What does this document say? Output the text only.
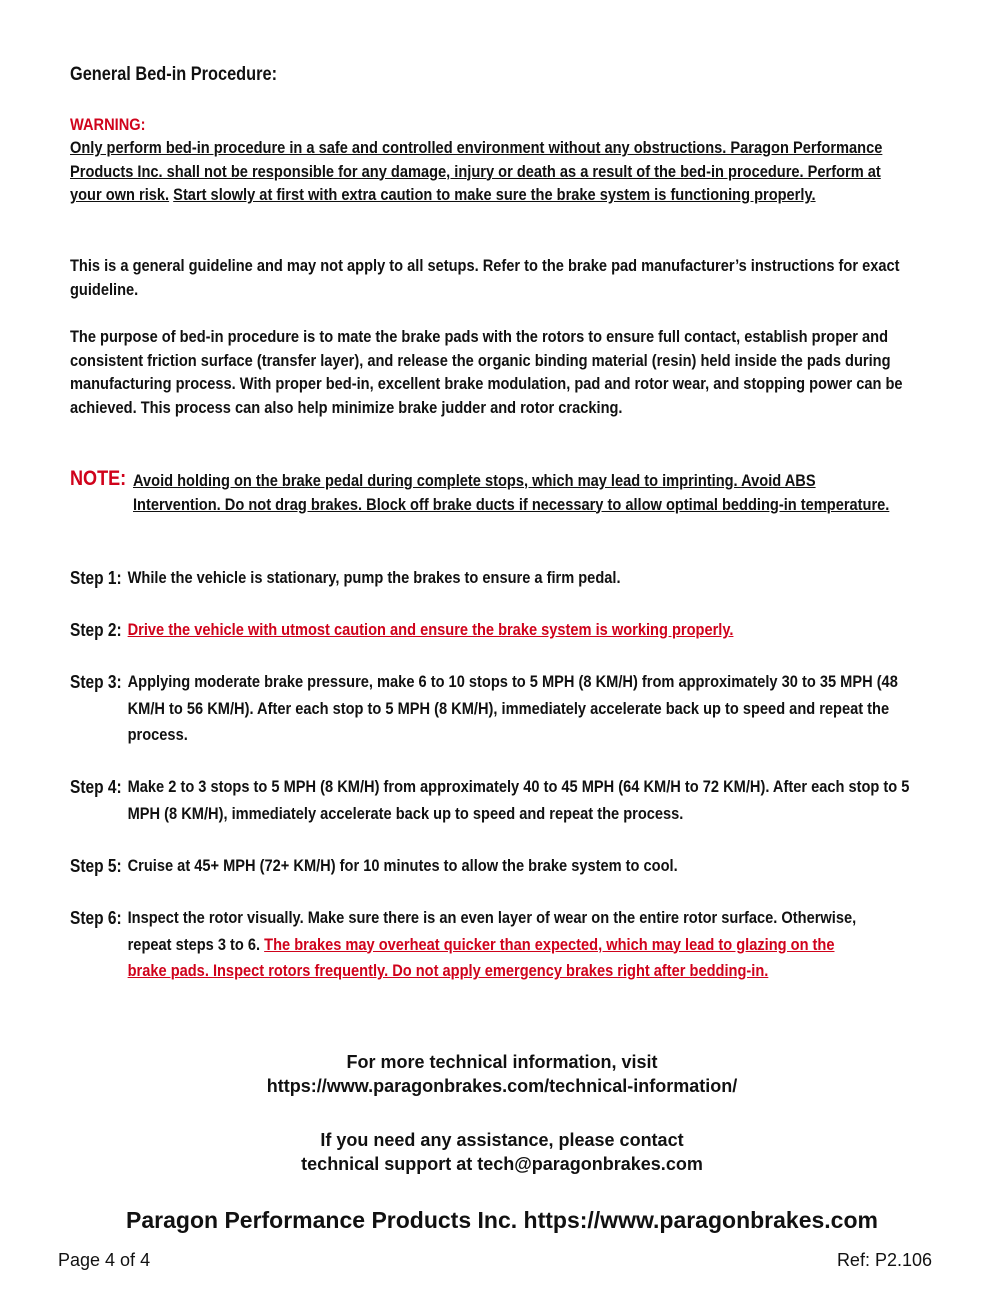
General Bed-in Procedure:
WARNING:
Only perform bed-in procedure in a safe and controlled environment without any obstructions. Paragon Performance Products Inc. shall not be responsible for any damage, injury or death as a result of the bed-in procedure. Perform at your own risk. Start slowly at first with extra caution to make sure the brake system is functioning properly.
This is a general guideline and may not apply to all setups. Refer to the brake pad manufacturer’s instructions for exact guideline.
The purpose of bed-in procedure is to mate the brake pads with the rotors to ensure full contact, establish proper and consistent friction surface (transfer layer), and release the organic binding material (resin) held inside the pads during manufacturing process. With proper bed-in, excellent brake modulation, pad and rotor wear, and stopping power can be achieved. This process can also help minimize brake judder and rotor cracking.
NOTE: Avoid holding on the brake pedal during complete stops, which may lead to imprinting. Avoid ABS Intervention. Do not drag brakes. Block off brake ducts if necessary to allow optimal bedding-in temperature.
Step 1: While the vehicle is stationary, pump the brakes to ensure a firm pedal.
Step 2: Drive the vehicle with utmost caution and ensure the brake system is working properly.
Step 3: Applying moderate brake pressure, make 6 to 10 stops to 5 MPH (8 KM/H) from approximately 30 to 35 MPH (48 KM/H to 56 KM/H). After each stop to 5 MPH (8 KM/H), immediately accelerate back up to speed and repeat the process.
Step 4: Make 2 to 3 stops to 5 MPH (8 KM/H) from approximately 40 to 45 MPH (64 KM/H to 72 KM/H). After each stop to 5 MPH (8 KM/H), immediately accelerate back up to speed and repeat the process.
Step 5: Cruise at 45+ MPH (72+ KM/H) for 10 minutes to allow the brake system to cool.
Step 6: Inspect the rotor visually. Make sure there is an even layer of wear on the entire rotor surface. Otherwise, repeat steps 3 to 6. The brakes may overheat quicker than expected, which may lead to glazing on the brake pads. Inspect rotors frequently. Do not apply emergency brakes right after bedding-in.
For more technical information, visit
https://www.paragonbrakes.com/technical-information/
If you need any assistance, please contact
technical support at tech@paragonbrakes.com
Paragon Performance Products Inc. https://www.paragonbrakes.com
Page 4 of 4	Ref: P2.106
